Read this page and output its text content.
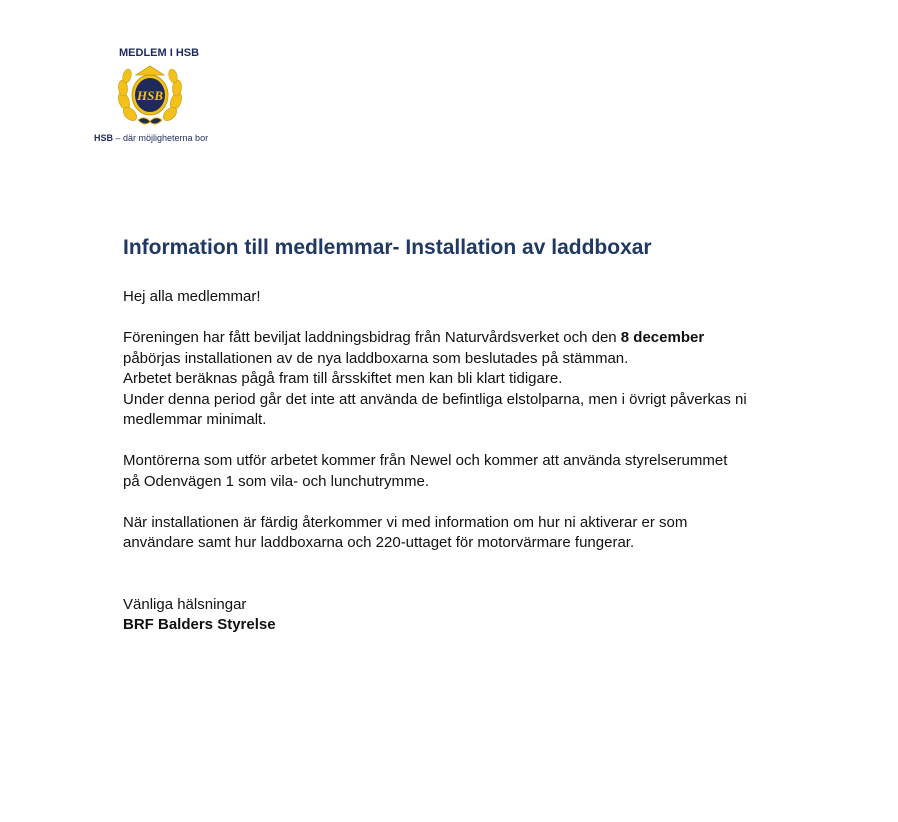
MEDLEM I HSB
HSB
HSB – där möjligheterna bor
Information till medlemmar- Installation av laddboxar

Hej alla medlemmar!

Föreningen har fått beviljat laddningsbidrag från Naturvårdsverket och den 8 december

påbörjas installationen av de nya laddboxarna som beslutades på stämman.

Arbetet beräknas pågå fram till årsskiftet men kan bli klart tidigare.

Under denna period går det inte att använda de befintliga elstolparna, men i övrigt påverkas ni

medlemmar minimalt.

Montörerna som utför arbetet kommer från Newel och kommer att använda styrelserummet

på Odenvägen 1 som vila- och lunchutrymme.

När installationen är färdig återkommer vi med information om hur ni aktiverar er som

användare samt hur laddboxarna och 220-uttaget för motorvärmare fungerar.

Vänliga hälsningar

BRF Balders Styrelse
